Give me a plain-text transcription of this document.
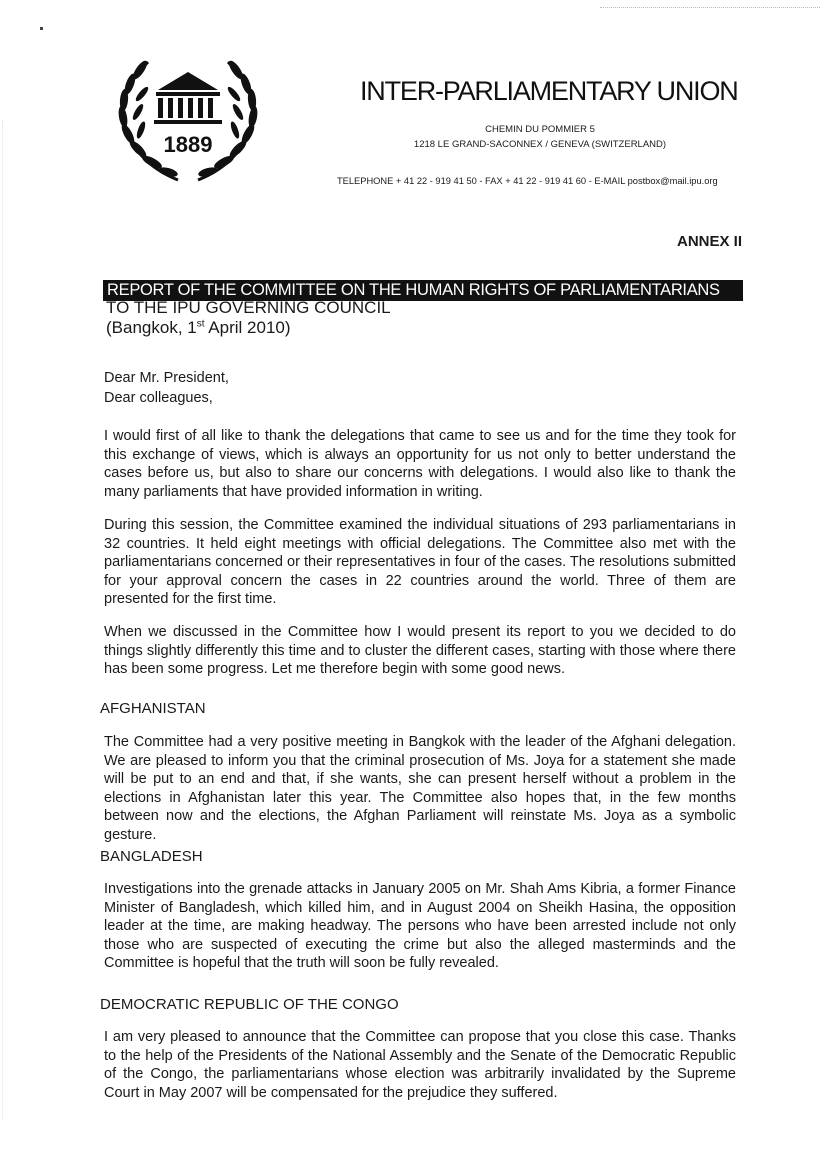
1889
INTER-PARLIAMENTARY UNION
CHEMIN DU POMMIER 5
1218 LE GRAND-SACONNEX / GENEVA (SWITZERLAND)
TELEPHONE + 41 22 - 919 41 50 - FAX + 41 22 - 919 41 60 - E-MAIL postbox@mail.ipu.org
ANNEX II
REPORT OF THE COMMITTEE ON THE HUMAN RIGHTS OF PARLIAMENTARIANS
TO THE IPU GOVERNING COUNCIL
(Bangkok, 1st April 2010)
Dear Mr. President,
Dear colleagues,

I would first of all like to thank the delegations that came to see us and for the time they took for this exchange of views, which is always an opportunity for us not only to better understand the cases before us, but also to share our concerns with delegations. I would also like to thank the many parliaments that have provided information in writing.

During this session, the Committee examined the individual situations of 293 parliamentarians in 32 countries. It held eight meetings with official delegations. The Committee also met with the parliamentarians concerned or their representatives in four of the cases. The resolutions submitted for your approval concern the cases in 22 countries around the world. Three of them are presented for the first time.

When we discussed in the Committee how I would present its report to you we decided to do things slightly differently this time and to cluster the different cases, starting with those where there has been some progress. Let me therefore begin with some good news.

AFGHANISTAN

The Committee had a very positive meeting in Bangkok with the leader of the Afghani delegation. We are pleased to inform you that the criminal prosecution of Ms. Joya for a statement she made will be put to an end and that, if she wants, she can present herself without a problem in the elections in Afghanistan later this year. The Committee also hopes that, in the few months between now and the elections, the Afghan Parliament will reinstate Ms. Joya as a symbolic gesture.

BANGLADESH

Investigations into the grenade attacks in January 2005 on Mr. Shah Ams Kibria, a former Finance Minister of Bangladesh, which killed him, and in August 2004 on Sheikh Hasina, the opposition leader at the time, are making headway. The persons who have been arrested include not only those who are suspected of executing the crime but also the alleged masterminds and the Committee is hopeful that the truth will soon be fully revealed.

DEMOCRATIC REPUBLIC OF THE CONGO

I am very pleased to announce that the Committee can propose that you close this case. Thanks to the help of the Presidents of the National Assembly and the Senate of the Democratic Republic of the Congo, the parliamentarians whose election was arbitrarily invalidated by the Supreme Court in May 2007 will be compensated for the prejudice they suffered.
